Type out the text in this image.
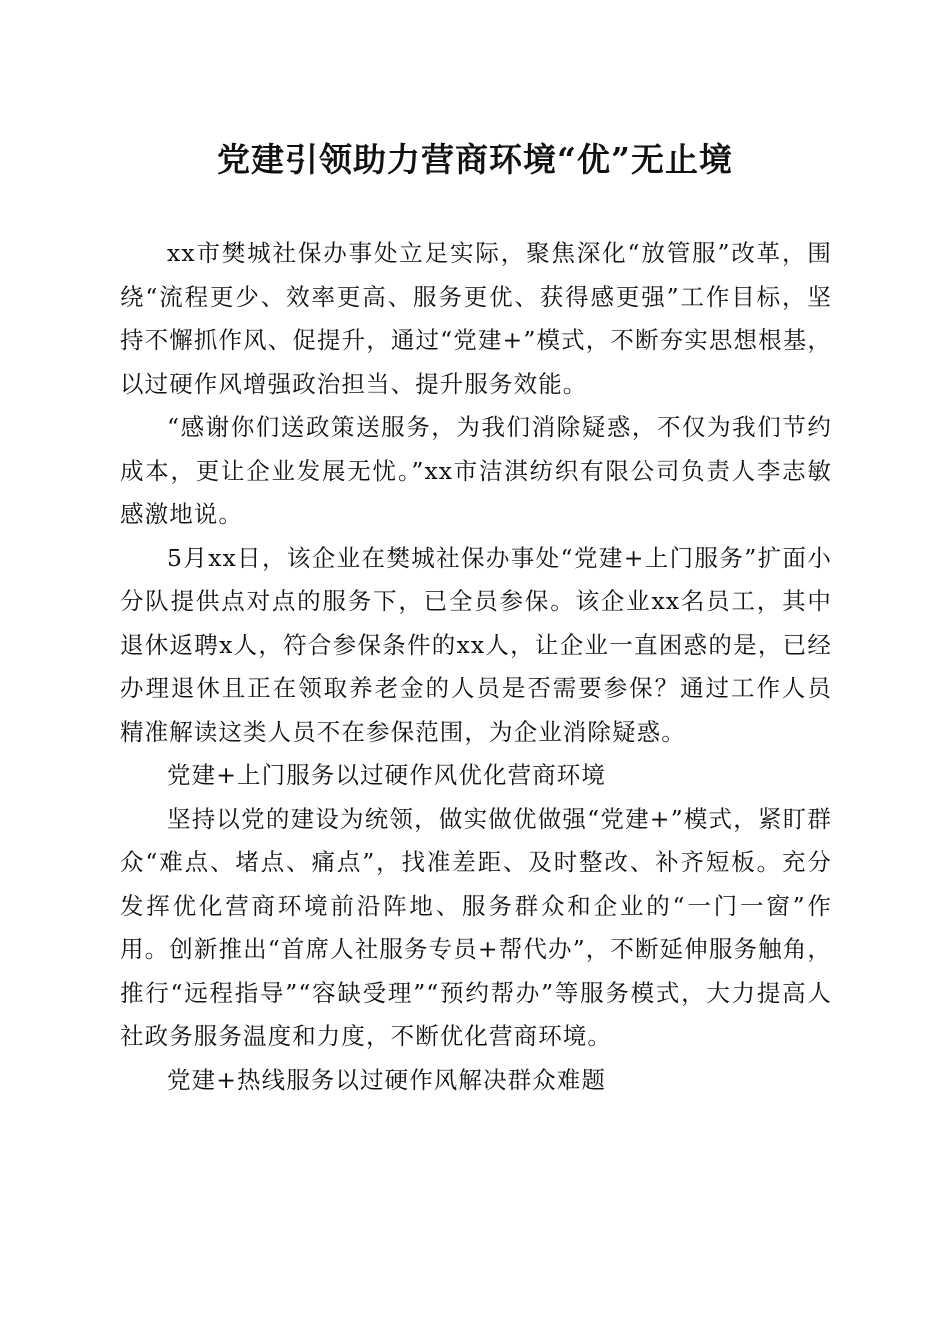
党建引领助力营商环境“优”无止境

xx市樊城社保办事处立足实际，聚焦深化“放管服”改革，围绕“流程更少、效率更高、服务更优、获得感更强”工作目标，坚持不懈抓作风、促提升，通过“党建+”模式，不断夯实思想根基，以过硬作风增强政治担当、提升服务效能。

“感谢你们送政策送服务，为我们消除疑惑，不仅为我们节约成本，更让企业发展无忧。”xx市洁淇纺织有限公司负责人李志敏感激地说。

5月xx日，该企业在樊城社保办事处“党建+上门服务”扩面小分队提供点对点的服务下，已全员参保。该企业xx名员工，其中退休返聘x人，符合参保条件的xx人，让企业一直困惑的是，已经办理退休且正在领取养老金的人员是否需要参保？通过工作人员精准解读这类人员不在参保范围，为企业消除疑惑。

党建+上门服务以过硬作风优化营商环境

坚持以党的建设为统领，做实做优做强“党建+”模式，紧盯群众“难点、堵点、痛点”，找准差距、及时整改、补齐短板。充分发挥优化营商环境前沿阵地、服务群众和企业的“一门一窗”作用。创新推出“首席人社服务专员+帮代办”，不断延伸服务触角，推行“远程指导”“容缺受理”“预约帮办”等服务模式，大力提高人社政务服务温度和力度，不断优化营商环境。

党建+热线服务以过硬作风解决群众难题
